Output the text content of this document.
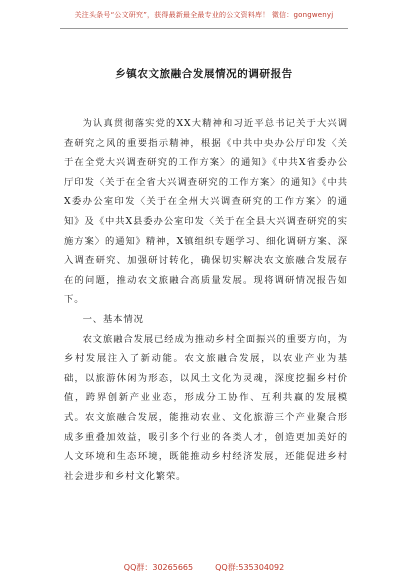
关注头条号“公文研究”，获得最新最全最专业的公文资料库！ 微信：gongwenyj
乡镇农文旅融合发展情况的调研报告

为认真贯彻落实党的XX大精神和习近平总书记关于大兴调查研究之风的重要指示精神，根据《中共中央办公厅印发〈关于在全党大兴调查研究的工作方案〉的通知》《中共X省委办公厅印发〈关于在全省大兴调查研究的工作方案〉的通知》《中共X委办公室印发〈关于在全州大兴调查研究的工作方案〉的通知》及《中共X县委办公室印发〈关于在全县大兴调查研究的实施方案〉的通知》精神，X镇组织专题学习、细化调研方案、深入调查研究、加强研讨转化，确保切实解决农文旅融合发展存在的问题，推动农文旅融合高质量发展。现将调研情况报告如下。

一、基本情况

农文旅融合发展已经成为推动乡村全面振兴的重要方向，为乡村发展注入了新动能。农文旅融合发展，以农业产业为基础，以旅游休闲为形态，以风土文化为灵魂，深度挖掘乡村价值，跨界创新产业业态，形成分工协作、互利共赢的发展模式。农文旅融合发展，能推动农业、文化旅游三个产业聚合形成多重叠加效益，吸引多个行业的各类人才，创造更加美好的人文环境和生态环境，既能推动乡村经济发展，还能促进乡村社会进步和乡村文化繁荣。

QQ群：30265665	QQ群:535304092
